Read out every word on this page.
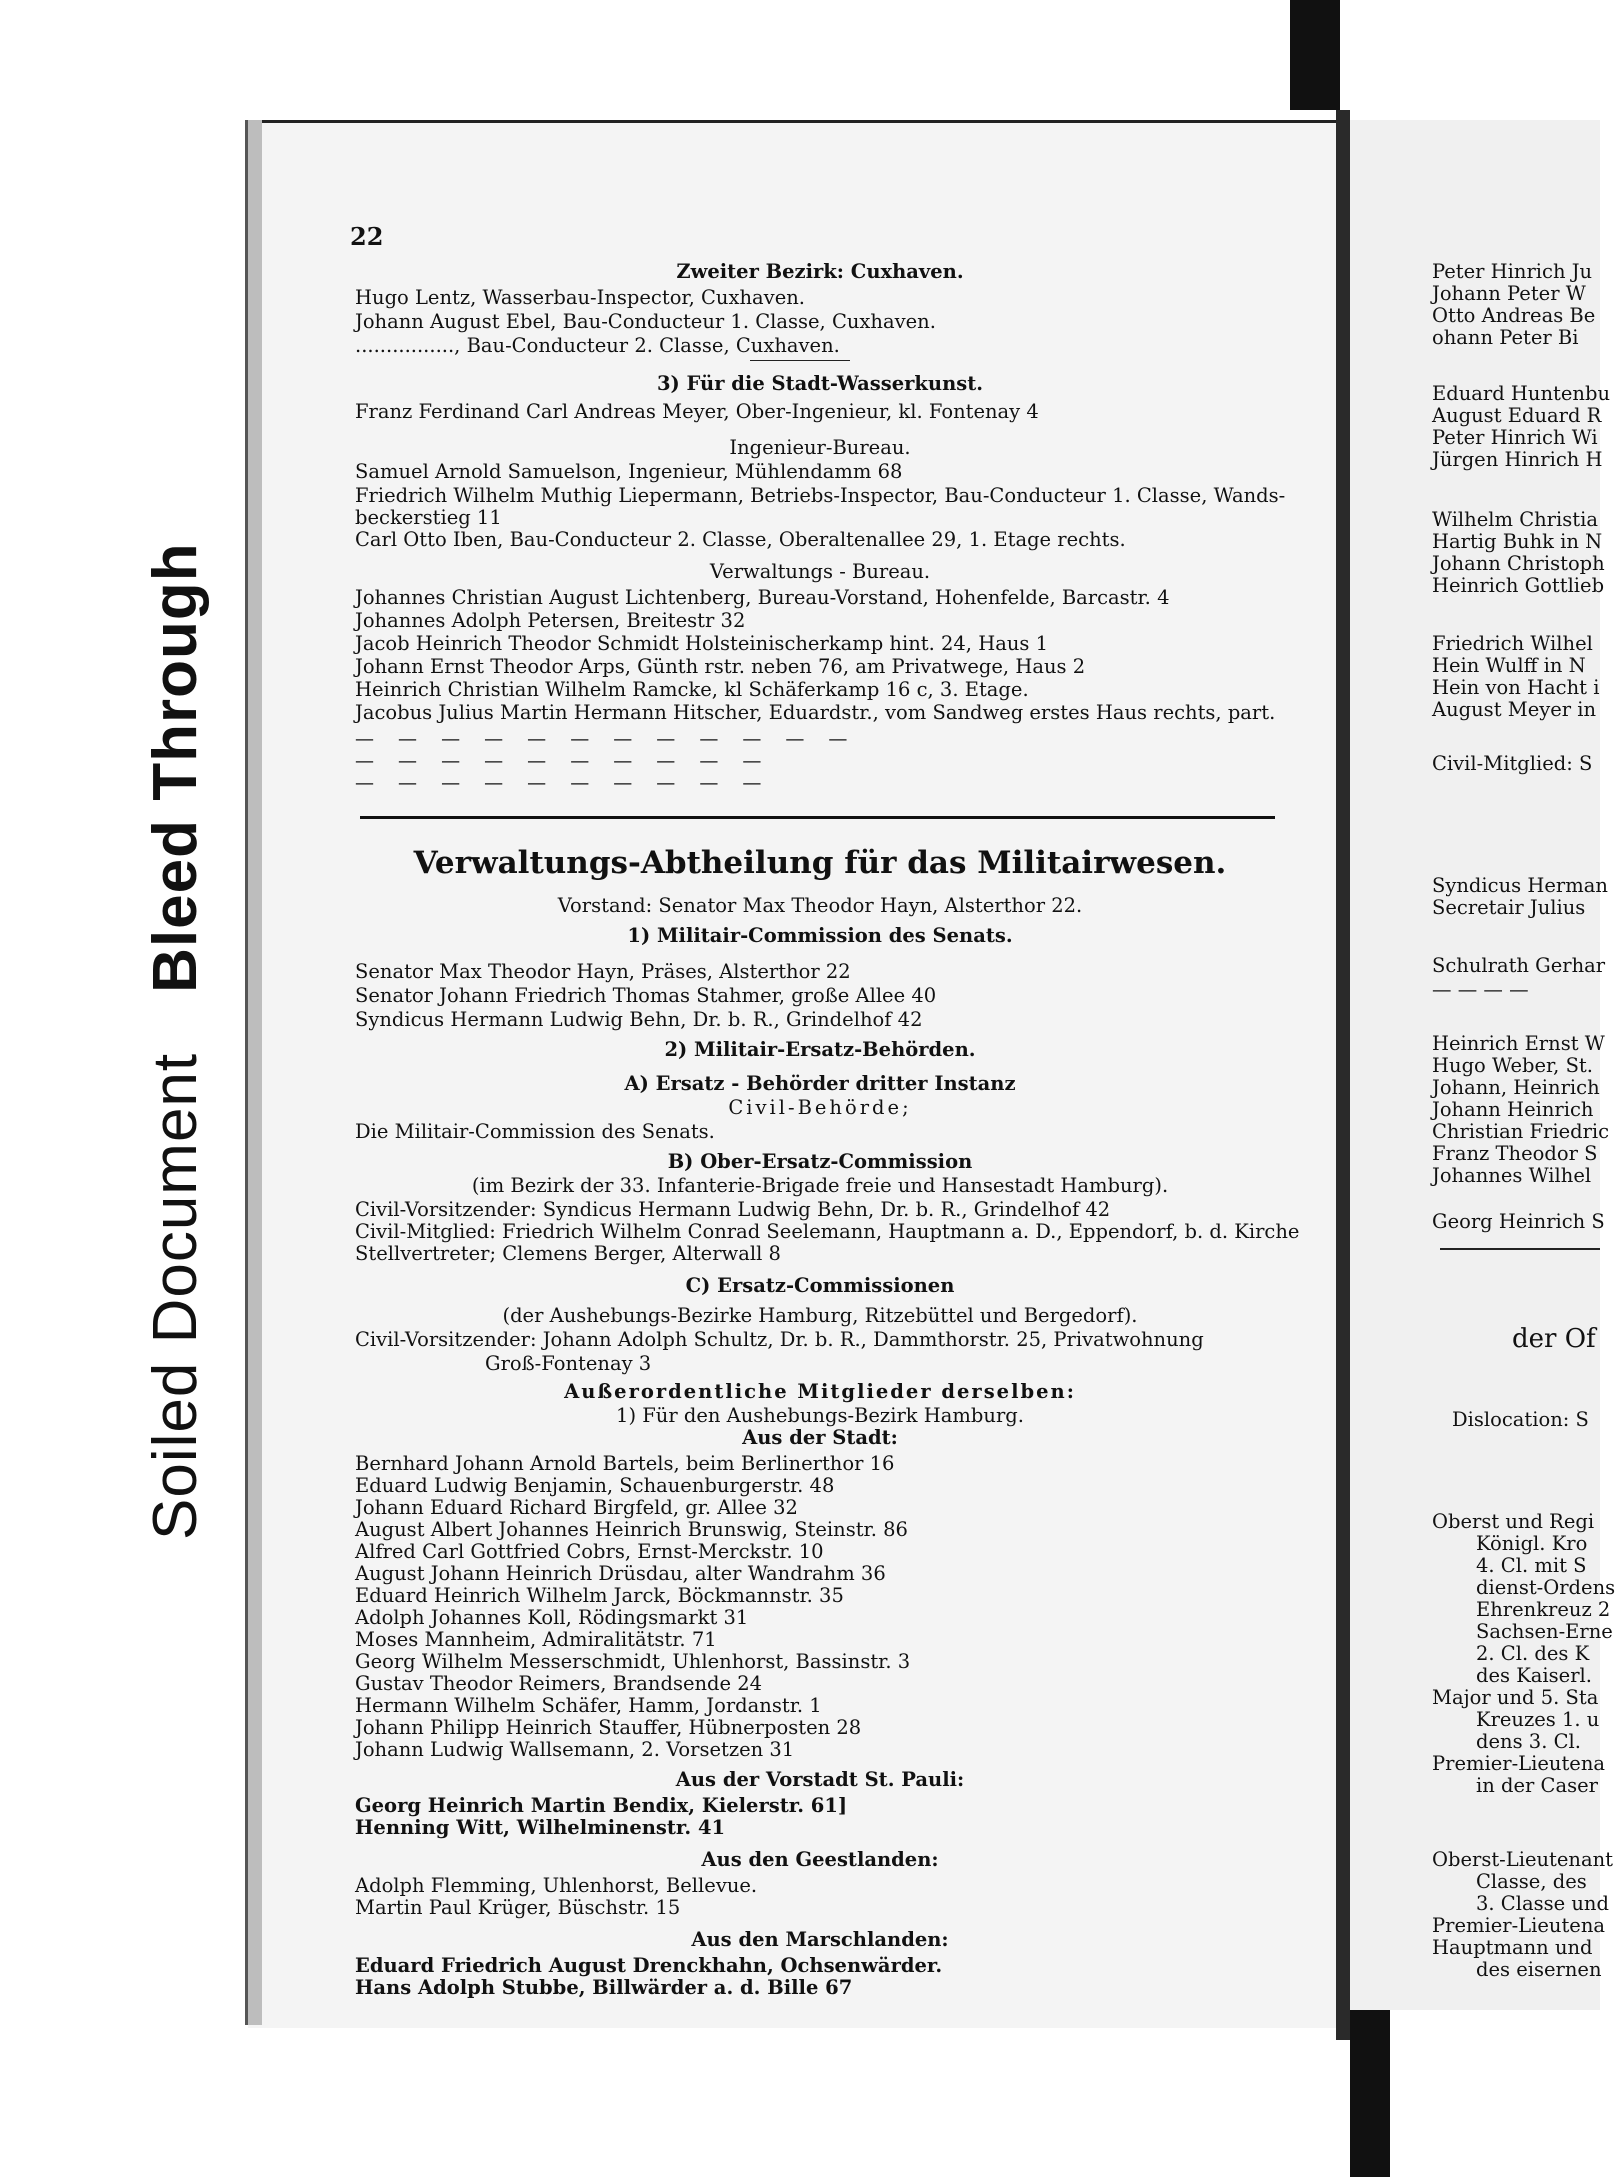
Soiled DocumentBleed Through
22
Zweiter Bezirk: Cuxhaven.
Hugo Lentz, Wasserbau-Inspector, Cuxhaven.
Johann August Ebel, Bau-Conducteur 1. Classe, Cuxhaven.
................, Bau-Conducteur 2. Classe, Cuxhaven.
3) Für die Stadt-Wasserkunst.
Franz Ferdinand Carl Andreas Meyer, Ober-Ingenieur, kl. Fontenay 4
Ingenieur-Bureau.
Samuel Arnold Samuelson, Ingenieur, Mühlendamm 68
Friedrich Wilhelm Muthig Liepermann, Betriebs-Inspector, Bau-Conducteur 1. Classe, Wands-
beckerstieg 11
Carl Otto Iben, Bau-Conducteur 2. Classe, Oberaltenallee 29, 1. Etage rechts.
Verwaltungs - Bureau.
Johannes Christian August Lichtenberg, Bureau-Vorstand, Hohenfelde, Barcastr. 4
Johannes Adolph Petersen, Breitestr 32
Jacob Heinrich Theodor Schmidt Holsteinischerkamp hint. 24, Haus 1
Johann Ernst Theodor Arps, Günth rstr. neben 76, am Privatwege, Haus 2
Heinrich Christian Wilhelm Ramcke, kl Schäferkamp 16 c, 3. Etage.
Jacobus Julius Martin Hermann Hitscher, Eduardstr., vom Sandweg erstes Haus rechts, part.
— — — — — — — — — — — —
— — — — — — — — — —
— — — — — — — — — —
Verwaltungs-Abtheilung für das Militairwesen.
Vorstand: Senator Max Theodor Hayn, Alsterthor 22.
1) Militair-Commission des Senats.
Senator Max Theodor Hayn, Präses, Alsterthor 22
Senator Johann Friedrich Thomas Stahmer, große Allee 40
Syndicus Hermann Ludwig Behn, Dr. b. R., Grindelhof 42
2) Militair-Ersatz-Behörden.
A) Ersatz - Behörder dritter Instanz
Civil-Behörde;
Die Militair-Commission des Senats.
B) Ober-Ersatz-Commission
(im Bezirk der 33. Infanterie-Brigade freie und Hansestadt Hamburg).
Civil-Vorsitzender: Syndicus Hermann Ludwig Behn, Dr. b. R., Grindelhof 42
Civil-Mitglied: Friedrich Wilhelm Conrad Seelemann, Hauptmann a. D., Eppendorf, b. d. Kirche
Stellvertreter; Clemens Berger, Alterwall 8
C) Ersatz-Commissionen
(der Aushebungs-Bezirke Hamburg, Ritzebüttel und Bergedorf).
Civil-Vorsitzender: Johann Adolph Schultz, Dr. b. R., Dammthorstr. 25, Privatwohnung
Groß-Fontenay 3
Außerordentliche Mitglieder derselben:
1) Für den Aushebungs-Bezirk Hamburg.
Aus der Stadt:
Bernhard Johann Arnold Bartels, beim Berlinerthor 16
Eduard Ludwig Benjamin, Schauenburgerstr. 48
Johann Eduard Richard Birgfeld, gr. Allee 32
August Albert Johannes Heinrich Brunswig, Steinstr. 86
Alfred Carl Gottfried Cobrs, Ernst-Merckstr. 10
August Johann Heinrich Drüsdau, alter Wandrahm 36
Eduard Heinrich Wilhelm Jarck, Böckmannstr. 35
Adolph Johannes Koll, Rödingsmarkt 31
Moses Mannheim, Admiralitätstr. 71
Georg Wilhelm Messerschmidt, Uhlenhorst, Bassinstr. 3
Gustav Theodor Reimers, Brandsende 24
Hermann Wilhelm Schäfer, Hamm, Jordanstr. 1
Johann Philipp Heinrich Stauffer, Hübnerposten 28
Johann Ludwig Wallsemann, 2. Vorsetzen 31
Aus der Vorstadt St. Pauli:
Georg Heinrich Martin Bendix, Kielerstr. 61]
Henning Witt, Wilhelminenstr. 41
Aus den Geestlanden:
Adolph Flemming, Uhlenhorst, Bellevue.
Martin Paul Krüger, Büschstr. 15
Aus den Marschlanden:
Eduard Friedrich August Drenckhahn, Ochsenwärder.
Hans Adolph Stubbe, Billwärder a. d. Bille 67
Peter Hinrich Ju
Johann Peter W
Otto Andreas Be
ohann Peter Bi
Eduard Huntenbu
August Eduard R
Peter Hinrich Wi
Jürgen Hinrich H
Wilhelm Christia
Hartig Buhk in N
Johann Christoph
Heinrich Gottlieb
Friedrich Wilhel
Hein Wulff in N
Hein von Hacht i
August Meyer in
Civil-Mitglied: S
Syndicus Herman
Secretair Julius
Schulrath Gerhar
— — — —
Heinrich Ernst W
Hugo Weber, St.
Johann, Heinrich
Johann Heinrich
Christian Friedric
Franz Theodor S
Johannes Wilhel
Georg Heinrich S
der Of
Dislocation: S
Oberst und Regi
Königl. Kro
4. Cl. mit S
dienst-Ordens
Ehrenkreuz 2
Sachsen-Erne
2. Cl. des K
des Kaiserl.
Major und 5. Sta
Kreuzes 1. u
dens 3. Cl.
Premier-Lieutena
in der Caser
Oberst-Lieutenant
Classe, des
3. Classe und
Premier-Lieutena
Hauptmann und
des eisernen
